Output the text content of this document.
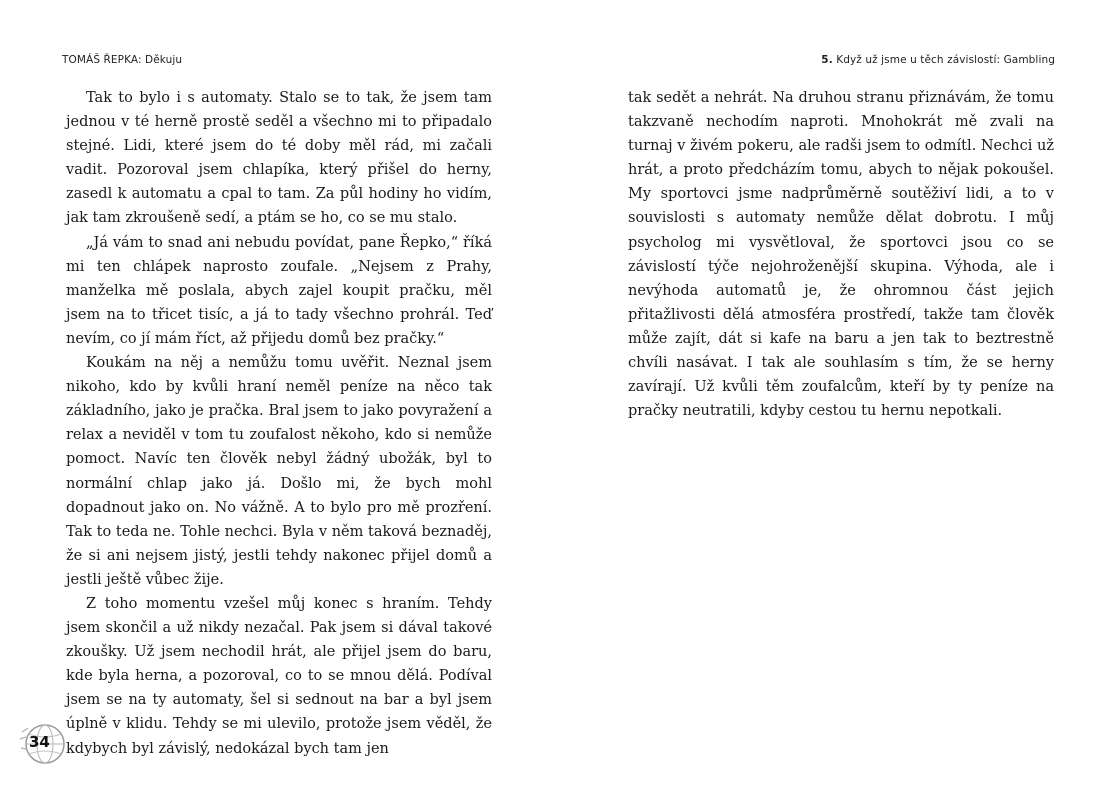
TOMÁŠ ŘEPKA: Děkuju	5. Když už jsme u těch závislostí: Gambling

Tak to bylo i s automaty. Stalo se to tak, že jsem tam jednou v té herně prostě seděl a všechno mi to připadalo stejné. Lidi, které jsem do té doby měl rád, mi začali vadit. Pozoroval jsem chlapíka, který přišel do herny, zasedl k automatu a cpal to tam. Za půl hodiny ho vidím, jak tam zkroušeně sedí, a ptám se ho, co se mu stalo.

„Já vám to snad ani nebudu povídat, pane Řepko,“ říká mi ten chlápek naprosto zoufale. „Nejsem z Prahy, manželka mě poslala, abych zajel koupit pračku, měl jsem na to třicet tisíc, a já to tady všechno prohrál. Teď nevím, co jí mám říct, až přijedu domů bez pračky.“

Koukám na něj a nemůžu tomu uvěřit. Neznal jsem nikoho, kdo by kvůli hraní neměl peníze na něco tak základního, jako je pračka. Bral jsem to jako povyražení a relax a neviděl v tom tu zoufalost někoho, kdo si nemůže pomoct. Navíc ten člověk nebyl žádný ubožák, byl to normální chlap jako já. Došlo mi, že bych mohl dopadnout jako on. No vážně. A to bylo pro mě prozření. Tak to teda ne. Tohle nechci. Byla v něm taková beznaděj, že si ani nejsem jistý, jestli tehdy nakonec přijel domů a jestli ještě vůbec žije.

Z toho momentu vzešel můj konec s hraním. Tehdy jsem skončil a už nikdy nezačal. Pak jsem si dával takové zkoušky. Už jsem nechodil hrát, ale přijel jsem do baru, kde byla herna, a pozoroval, co to se mnou dělá. Podíval jsem se na ty automaty, šel si sednout na bar a byl jsem úplně v klidu. Tehdy se mi ulevilo, protože jsem věděl, že kdybych byl závislý, nedokázal bych tam jen

tak sedět a nehrát. Na druhou stranu přiznávám, že tomu takzvaně nechodím naproti. Mnohokrát mě zvali na turnaj v živém pokeru, ale radši jsem to odmítl. Nechci už hrát, a proto předcházím tomu, abych to nějak pokoušel. My sportovci jsme nadprůměrně soutěživí lidi, a to v souvislosti s automaty nemůže dělat dobrotu. I můj psycholog mi vysvětloval, že sportovci jsou co se závislostí týče nejohroženější skupina. Výhoda, ale i nevýhoda automatů je, že ohromnou část jejich přitažlivosti dělá atmosféra prostředí, takže tam člověk může zajít, dát si kafe na baru a jen tak to beztrestně chvíli nasávat. I tak ale souhlasím s tím, že se herny zavírají. Už kvůli těm zoufalcům, kteří by ty peníze na pračky neutratili, kdyby cestou tu hernu nepotkali.

34
